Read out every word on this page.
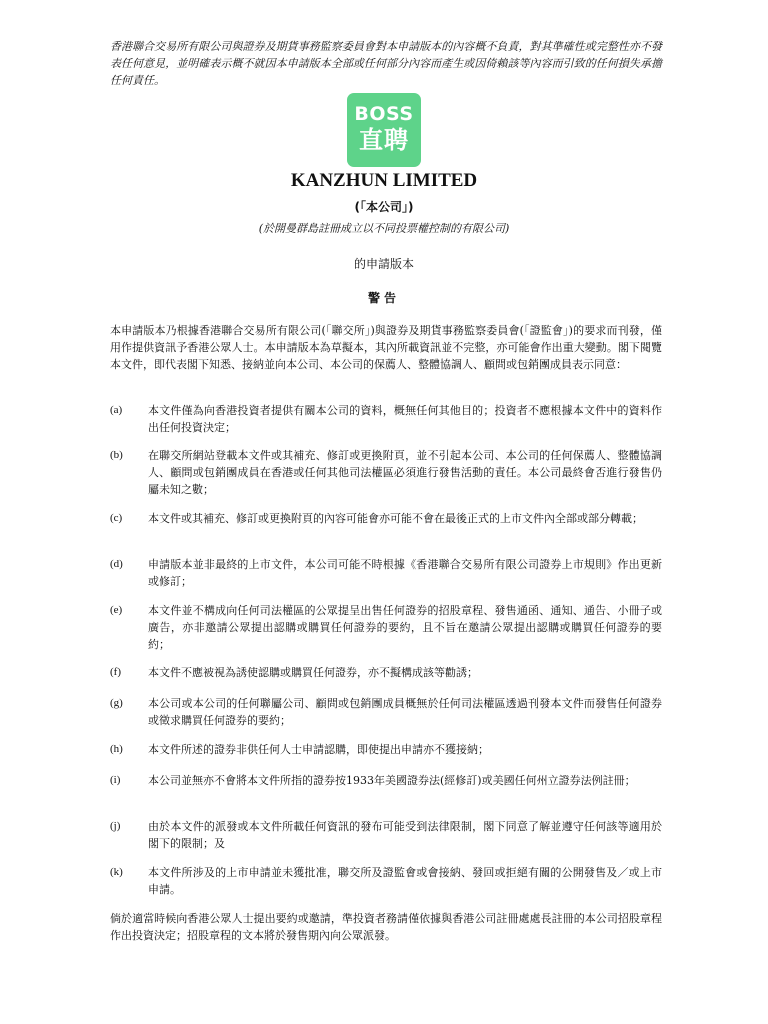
香港聯合交易所有限公司與證券及期貨事務監察委員會對本申請版本的內容概不負責，對其準確性或完整性亦不發表任何意見，並明確表示概不就因本申請版本全部或任何部分內容而產生或因倚賴該等內容而引致的任何損失承擔任何責任。
BOSS
直聘
KANZHUN LIMITED
(「本公司」)
(於開曼群島註冊成立以不同投票權控制的有限公司)
的申請版本
警告
本申請版本乃根據香港聯合交易所有限公司(「聯交所」)與證券及期貨事務監察委員會(「證監會」)的要求而刊發，僅用作提供資訊予香港公眾人士。本申請版本為草擬本，其內所載資訊並不完整，亦可能會作出重大變動。閣下閱覽本文件，即代表閣下知悉、接納並向本公司、本公司的保薦人、整體協調人、顧問或包銷團成員表示同意：
(a)	本文件僅為向香港投資者提供有關本公司的資料，概無任何其他目的；投資者不應根據本文件中的資料作出任何投資決定；
(b)	在聯交所網站登載本文件或其補充、修訂或更換附頁，並不引起本公司、本公司的任何保薦人、整體協調人、顧問或包銷團成員在香港或任何其他司法權區必須進行發售活動的責任。本公司最終會否進行發售仍屬未知之數；
(c)	本文件或其補充、修訂或更換附頁的內容可能會亦可能不會在最後正式的上市文件內全部或部分轉載；
(d)	申請版本並非最終的上市文件，本公司可能不時根據《香港聯合交易所有限公司證券上市規則》作出更新或修訂；
(e)	本文件並不構成向任何司法權區的公眾提呈出售任何證券的招股章程、發售通函、通知、通告、小冊子或廣告，亦非邀請公眾提出認購或購買任何證券的要約，且不旨在邀請公眾提出認購或購買任何證券的要約；
(f)	本文件不應被視為誘使認購或購買任何證券，亦不擬構成該等勸誘；
(g)	本公司或本公司的任何聯屬公司、顧問或包銷團成員概無於任何司法權區透過刊發本文件而發售任何證券或徵求購買任何證券的要約；
(h)	本文件所述的證券非供任何人士申請認購，即使提出申請亦不獲接納；
(i)	本公司並無亦不會將本文件所指的證券按1933年美國證券法(經修訂)或美國任何州立證券法例註冊；
(j)	由於本文件的派發或本文件所載任何資訊的發布可能受到法律限制，閣下同意了解並遵守任何該等適用於閣下的限制；及
(k)	本文件所涉及的上市申請並未獲批准，聯交所及證監會或會接納、發回或拒絕有關的公開發售及／或上市申請。
倘於適當時候向香港公眾人士提出要約或邀請，準投資者務請僅依據與香港公司註冊處處長註冊的本公司招股章程作出投資決定；招股章程的文本將於發售期內向公眾派發。
